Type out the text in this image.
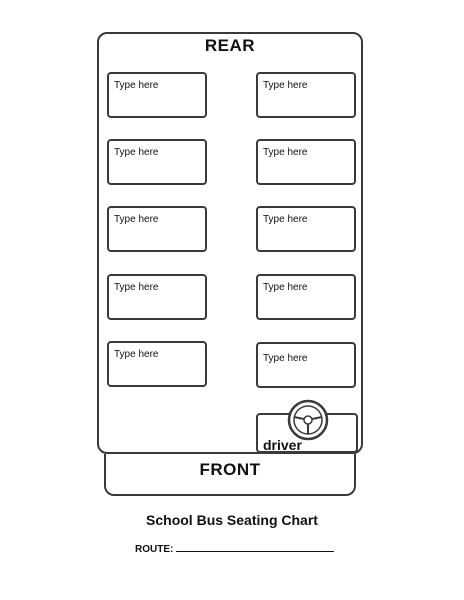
REAR
Type here	Type here
Type here	Type here
Type here	Type here
Type here	Type here
Type here	Type here
driver
FRONT
School Bus Seating Chart
ROUTE:
